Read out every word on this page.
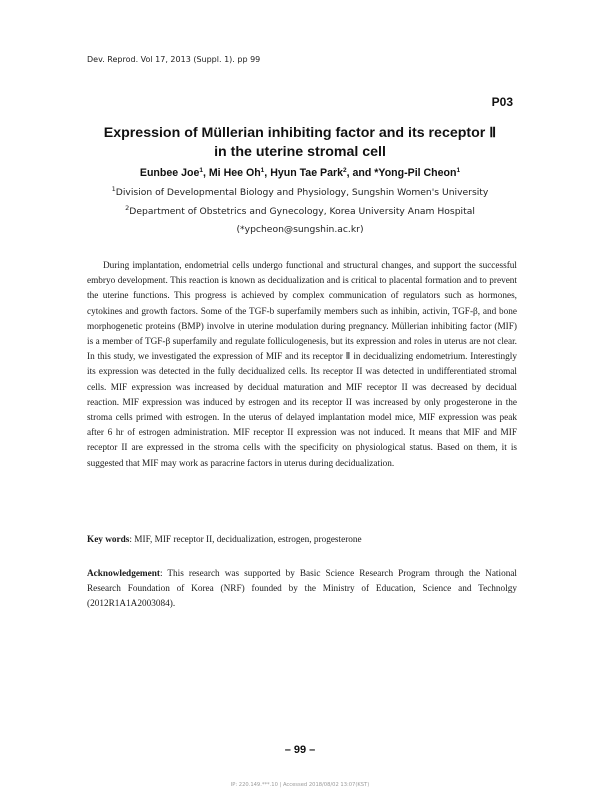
Dev. Reprod. Vol 17, 2013 (Suppl. 1). pp 99
P03
Expression of Müllerian inhibiting factor and its receptor Ⅱ
in the uterine stromal cell
Eunbee Joe$^1$, Mi Hee Oh$^1$, Hyun Tae Park$^2$, and *Yong-Pil Cheon$^1$
$^1$Division of Developmental Biology and Physiology, Sungshin Women's University
$^2$Department of Obstetrics and Gynecology, Korea University Anam Hospital
(*ypcheon@sungshin.ac.kr)

During implantation, endometrial cells undergo functional and structural changes, and support the successful embryo development. This reaction is known as decidualization and is critical to placental formation and to prevent the uterine functions. This progress is achieved by complex communication of regulators such as hormones, cytokines and growth factors. Some of the TGF-b superfamily members such as inhibin, activin, TGF-β, and bone morphogenetic proteins (BMP) involve in uterine modulation during pregnancy. Müllerian inhibiting factor (MIF) is a member of TGF-β superfamily and regulate folliculogenesis, but its expression and roles in uterus are not clear. In this study, we investigated the expression of MIF and its receptor Ⅱ in decidualizing endometrium. Interestingly its expression was detected in the fully decidualized cells. Its receptor II was detected in undifferentiated stromal cells. MIF expression was increased by decidual maturation and MIF receptor II was decreased by decidual reaction. MIF expression was induced by estrogen and its receptor II was increased by only progesterone in the stroma cells primed with estrogen. In the uterus of delayed implantation model mice, MIF expression was peak after 6 hr of estrogen administration. MIF receptor II expression was not induced. It means that MIF and MIF receptor II are expressed in the stroma cells with the specificity on physiological status. Based on them, it is suggested that MIF may work as paracrine factors in uterus during decidualization.

Key words: MIF, MIF receptor II, decidualization, estrogen, progesterone

Acknowledgement: This research was supported by Basic Science Research Program through the National Research Foundation of Korea (NRF) founded by the Ministry of Education, Science and Technolgy (2012R1A1A2003084).

– 99 –
IP: 220.149.***.10 | Accessed 2018/08/02 13:07(KST)
